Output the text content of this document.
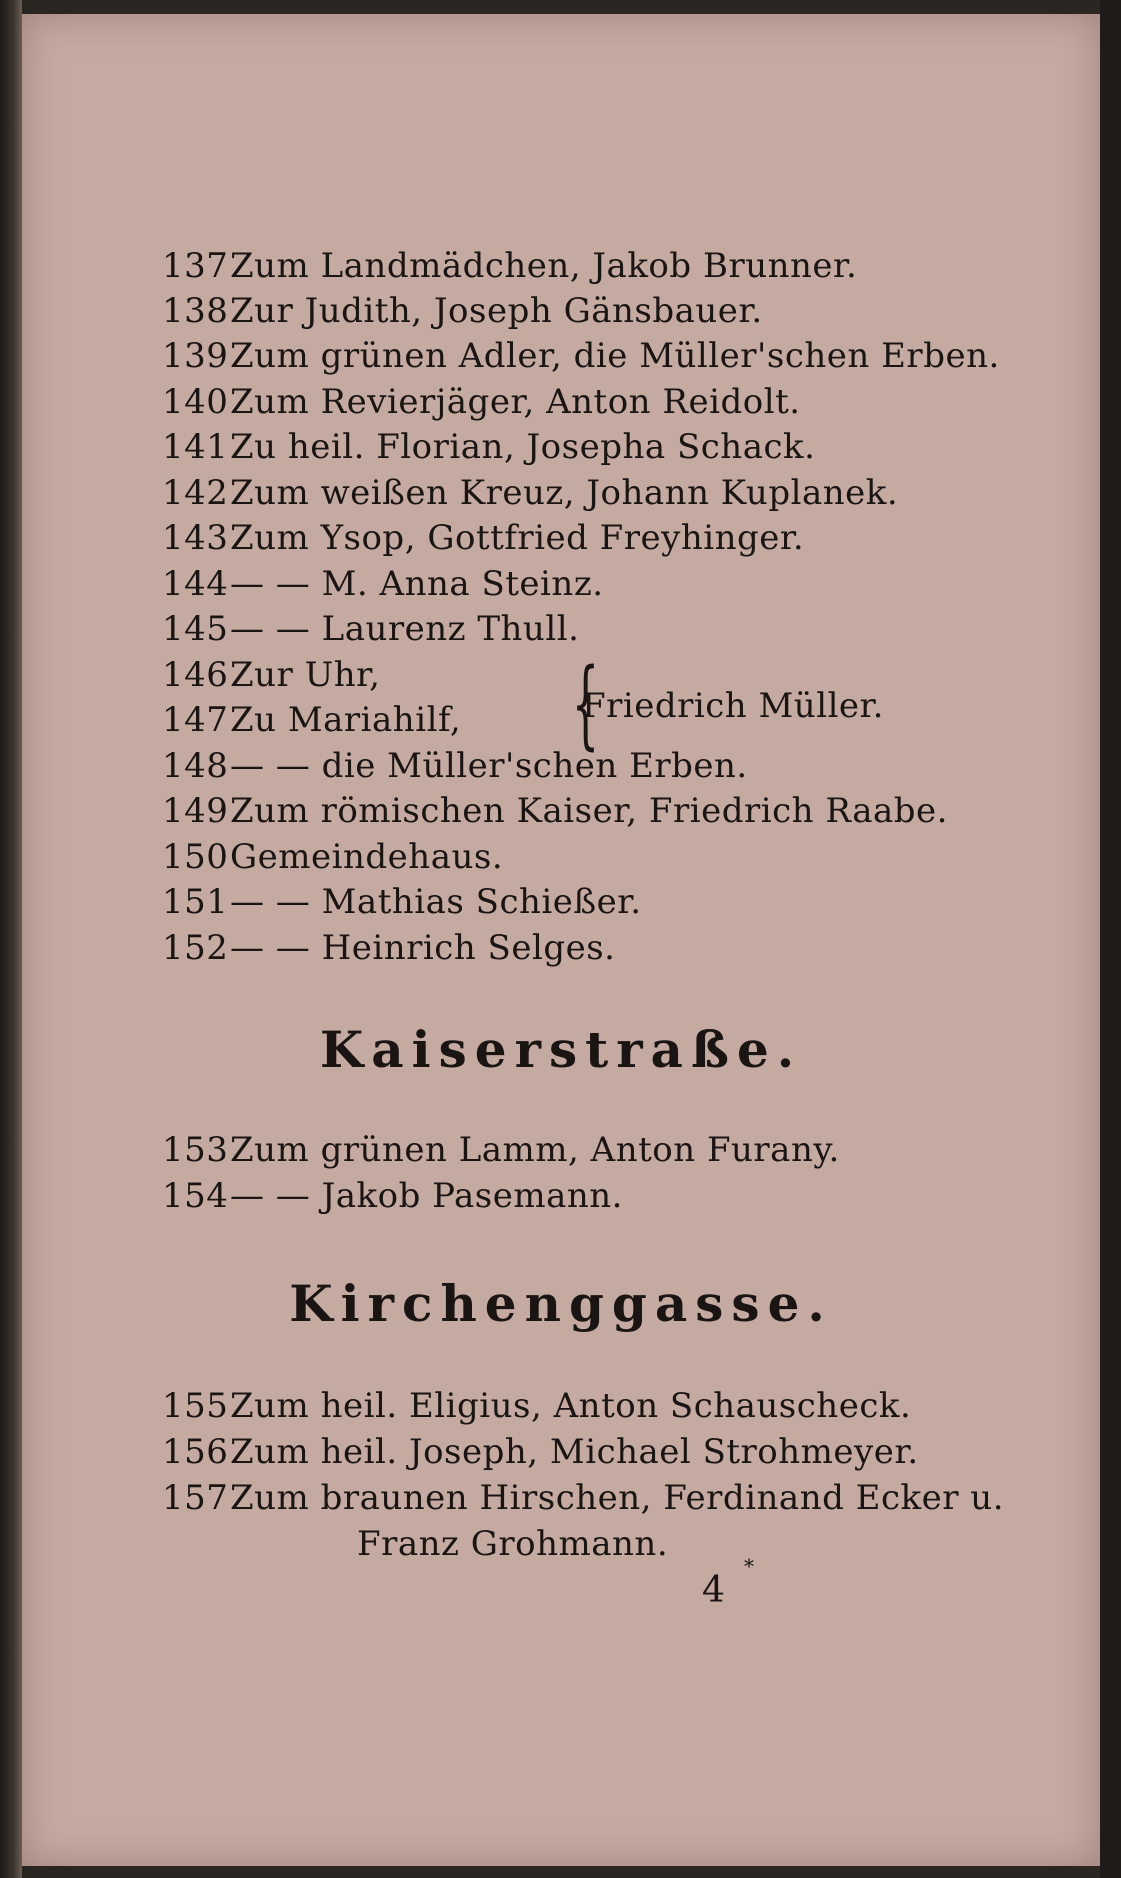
137Zum Landmädchen, Jakob Brunner.
138Zur Judith, Joseph Gänsbauer.
139Zum grünen Adler, die Müller'schen Erben.
140Zum Revierjäger, Anton Reidolt.
141Zu heil. Florian, Josepha Schack.
142Zum weißen Kreuz, Johann Kuplanek.
143Zum Ysop, Gottfried Freyhinger.
144— — M. Anna Steinz.
145— — Laurenz Thull.
146Zur Uhr,
147Zu Mariahilf, {
Friedrich Müller.
148— — die Müller'schen Erben.
149Zum römischen Kaiser, Friedrich Raabe.
150Gemeindehaus.
151— — Mathias Schießer.
152— — Heinrich Selges.
Kaiserstraße.
153Zum grünen Lamm, Anton Furany.
154— — Jakob Pasemann.
Kirchenggasse.
155Zum heil. Eligius, Anton Schauscheck.
156Zum heil. Joseph, Michael Strohmeyer.
157Zum braunen Hirschen, Ferdinand Ecker u.
Franz Grohmann.
4
*
